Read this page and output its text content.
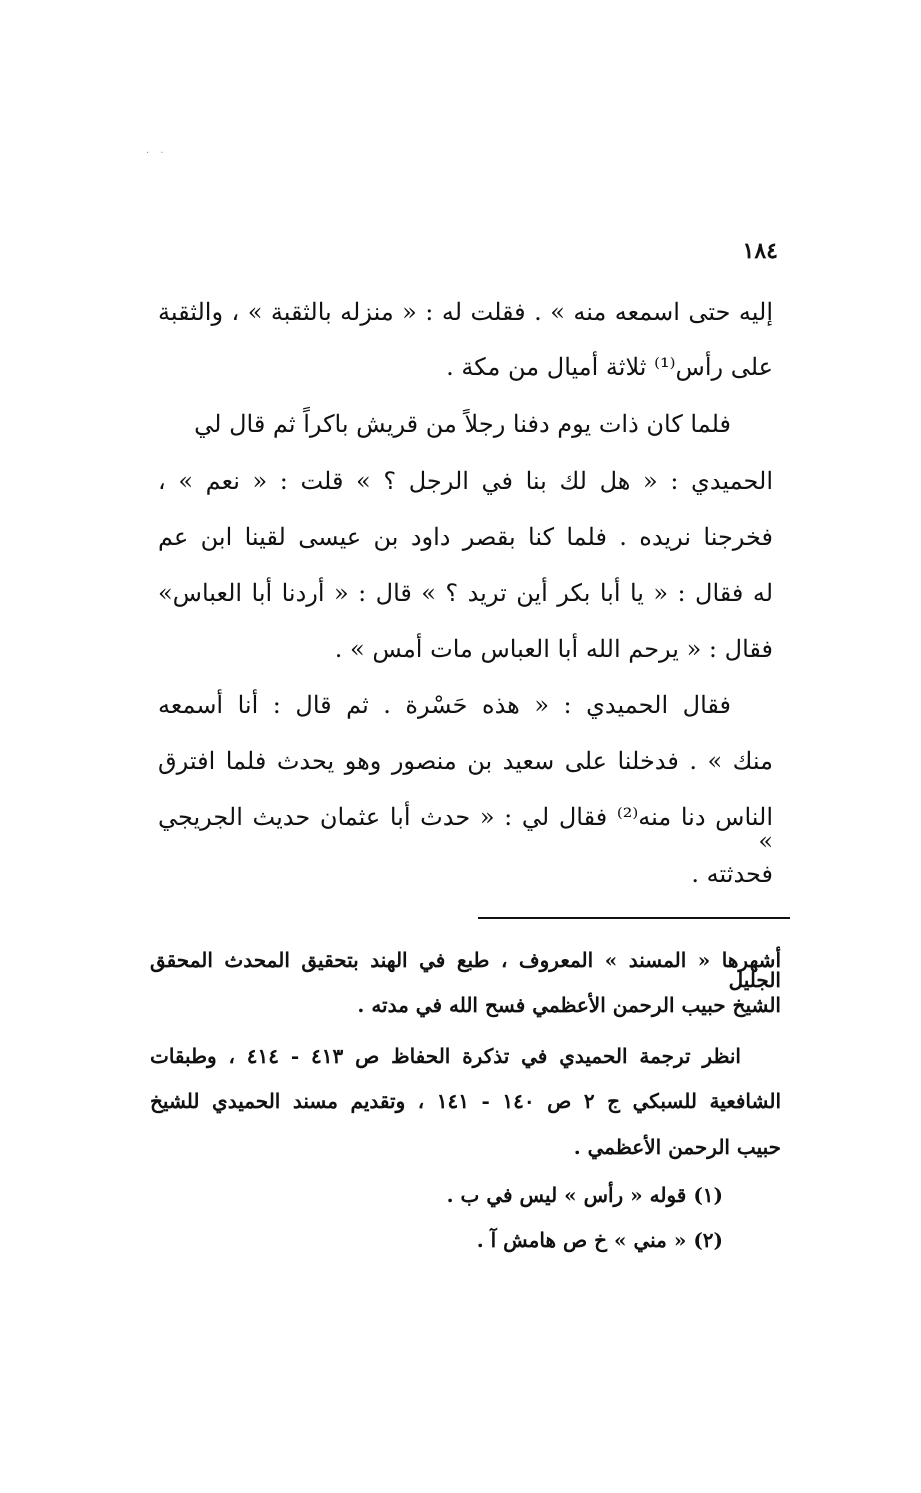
· ·
١٨٤
إليه حتى اسمعه منه » . فقلت له : « منزله بالثقبة » ، والثقبة
على رأس⁽¹⁾ ثلاثة أميال من مكة .
فلما كان ذات يوم دفنا رجلاً من قريش باكراً ثم قال لي
الحميدي : « هل لك بنا في الرجل ؟ » قلت : « نعم » ،
فخرجنا نريده . فلما كنا بقصر داود بن عيسى لقينا ابن عم
له فقال : « يا أبا بكر أين تريد ؟ » قال : « أردنا أبا العباس»
فقال : « يرحم الله أبا العباس مات أمس » .
فقال الحميدي : « هذه حَسْرة . ثم قال : أنا أسمعه
منك » . فدخلنا على سعيد بن منصور وهو يحدث فلما افترق
الناس دنا منه⁽²⁾ فقال لي : « حدث أبا عثمان حديث الجريجي »
فحدثته .
أشهرها « المسند » المعروف ، طبع في الهند بتحقيق المحدث المحقق الجليل
الشيخ حبيب الرحمن الأعظمي فسح الله في مدته .
انظر ترجمة الحميدي في تذكرة الحفاظ ص ٤١٣ - ٤١٤ ، وطبقات
الشافعية للسبكي ج ٢ ص ١٤٠ - ١٤١ ، وتقديم مسند الحميدي للشيخ
حبيب الرحمن الأعظمي .
(١) قوله « رأس » ليس في ب .
(٢) « مني » خ ص هامش آ .
